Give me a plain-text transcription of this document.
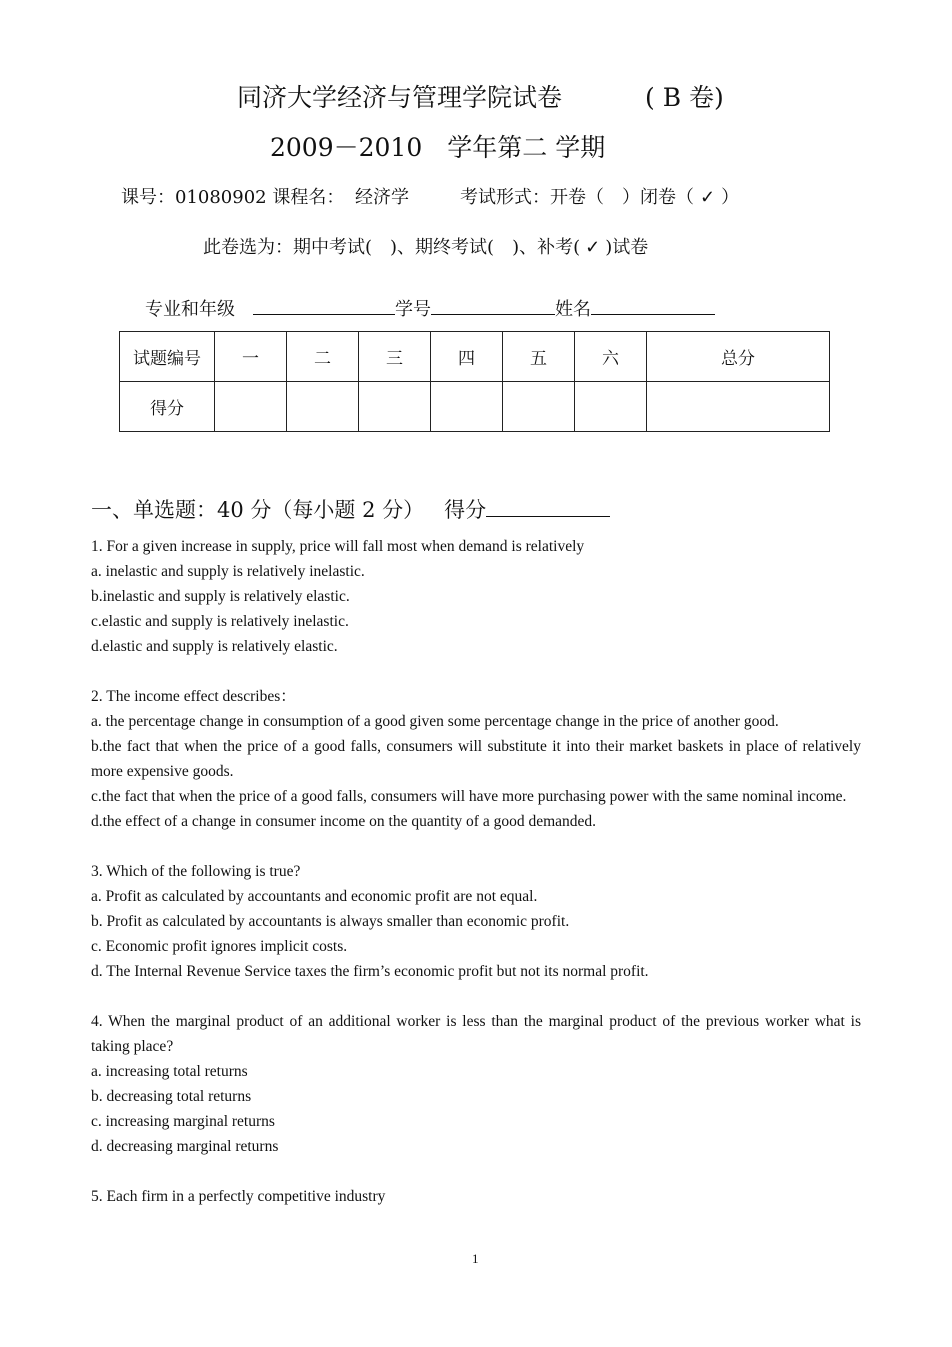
同济大学经济与管理学院试卷	( B 卷)
2009－2010　学年第二 学期
课号：01080902 课程名： 经济学	考试形式：开卷（　）闭卷（ ✓ ）
此卷选为：期中考试(　)、期终考试(　)、补考( ✓ )试卷
专业和年级	学号	姓名
试题编号	一	二	三	四	五	六	总分
得分							
一、单选题：40 分（每小题 2 分） 得分

1. For a given increase in supply, price will fall most when demand is relatively

a. inelastic and supply is relatively inelastic.

b.inelastic and supply is relatively elastic.

c.elastic and supply is relatively inelastic.

d.elastic and supply is relatively elastic.

2. The income effect describes：

a. the percentage change in consumption of a good given some percentage change in the price of another good.

b.the fact that when the price of a good falls, consumers will substitute it into their market baskets in place of relatively more expensive goods.

c.the fact that when the price of a good falls, consumers will have more purchasing power with the same nominal income.

d.the effect of a change in consumer income on the quantity of a good demanded.

3. Which of the following is true?

a. Profit as calculated by accountants and economic profit are not equal.

b. Profit as calculated by accountants is always smaller than economic profit.

c. Economic profit ignores implicit costs.

d. The Internal Revenue Service taxes the firm’s economic profit but not its normal profit.

4. When the marginal product of an additional worker is less than the marginal product of the previous worker what is taking place?

a. increasing total returns

b. decreasing total returns

c. increasing marginal returns

d. decreasing marginal returns

5. Each firm in a perfectly competitive industry

1
